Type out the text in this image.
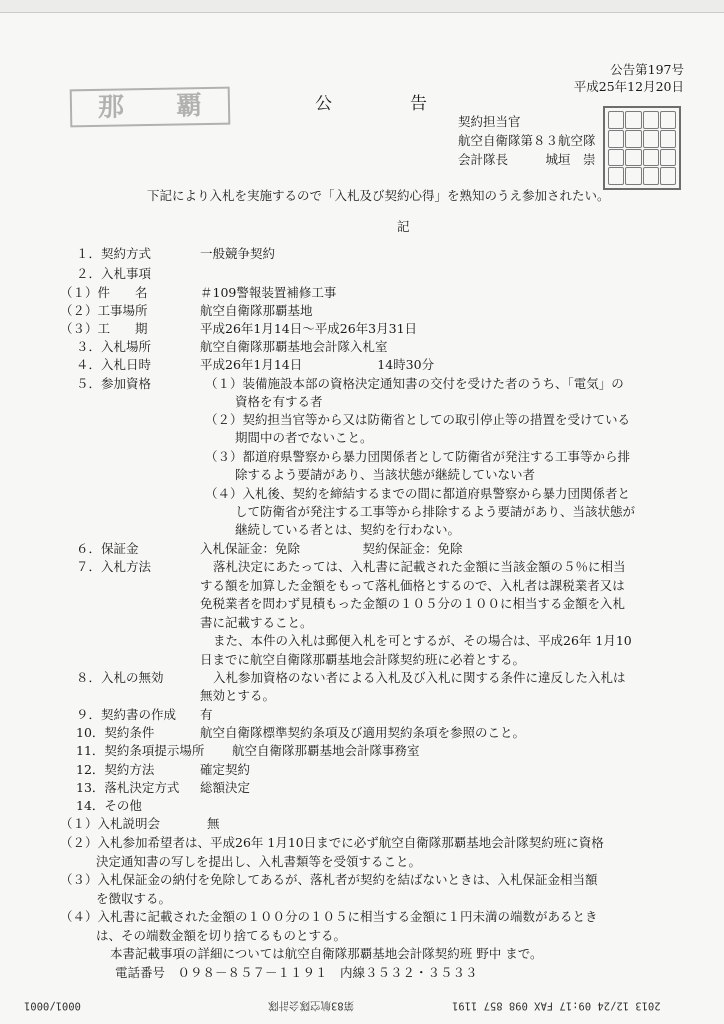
公告第197号
平成25年12月20日
那 覇	公告
契約担当官
航空自衛隊第８３航空隊
会計隊長　　　城垣　崇
下記により入札を実施するので「入札及び契約心得」を熟知のうえ参加されたい。
記
１．契約方式	一般競争契約
２．入札事項
（１）件　　名	＃109警報装置補修工事
（２）工事場所	航空自衛隊那覇基地
（３）工　　期	平成26年1月14日～平成26年3月31日
３．入札場所	航空自衛隊那覇基地会計隊入札室
４．入札日時	平成26年1月14日　　　　　　14時30分
５．参加資格	（１）装備施設本部の資格決定通知書の交付を受けた者のうち、「電気」の
資格を有する者
（２）契約担当官等から又は防衛省としての取引停止等の措置を受けている
期間中の者でないこと。
（３）都道府県警察から暴力団関係者として防衛省が発注する工事等から排
除するよう要請があり、当該状態が継続していない者
（４）入札後、契約を締結するまでの間に都道府県警察から暴力団関係者と
して防衛省が発注する工事等から排除するよう要請があり、当該状態が
継続している者とは、契約を行わない。
６．保証金	入札保証金：免除　　　　　契約保証金：免除
７．入札方法	落札決定にあたっては、入札書に記載された金額に当該金額の５％に相当
する額を加算した金額をもって落札価格とするので、入札者は課税業者又は
免税業者を問わず見積もった金額の１０５分の１００に相当する金額を入札
書に記載すること。
また、本件の入札は郵便入札を可とするが、その場合は、平成26年 1月10
日までに航空自衛隊那覇基地会計隊契約班に必着とする。
８．入札の無効	入札参加資格のない者による入札及び入札に関する条件に違反した入札は
無効とする。
９．契約書の作成 有
10．契約条件	航空自衛隊標準契約条項及び適用契約条項を参照のこと。
11．契約条項提示場所 航空自衛隊那覇基地会計隊事務室
12．契約方法	確定契約
13．落札決定方式 総額決定
14．その他
（１）入札説明会	無
（２）入札参加希望者は、平成26年 1月10日までに必ず航空自衛隊那覇基地会計隊契約班に資格
決定通知書の写しを提出し、入札書類等を受領すること。
（３）入札保証金の納付を免除してあるが、落札者が契約を結ばないときは、入札保証金相当額
を徴収する。
（４）入札書に記載された金額の１００分の１０５に相当する金額に１円未満の端数があるとき
は、その端数金額を切り捨てるものとする。
本書記載事項の詳細については航空自衛隊那覇基地会計隊契約班 野中 まで。
電話番号　０９８－８５７－１１９１　内線３５３２・３５３３
2013 12/24 09:17 FAX 098 857 1191
第83航空隊会計隊
0001/0001
